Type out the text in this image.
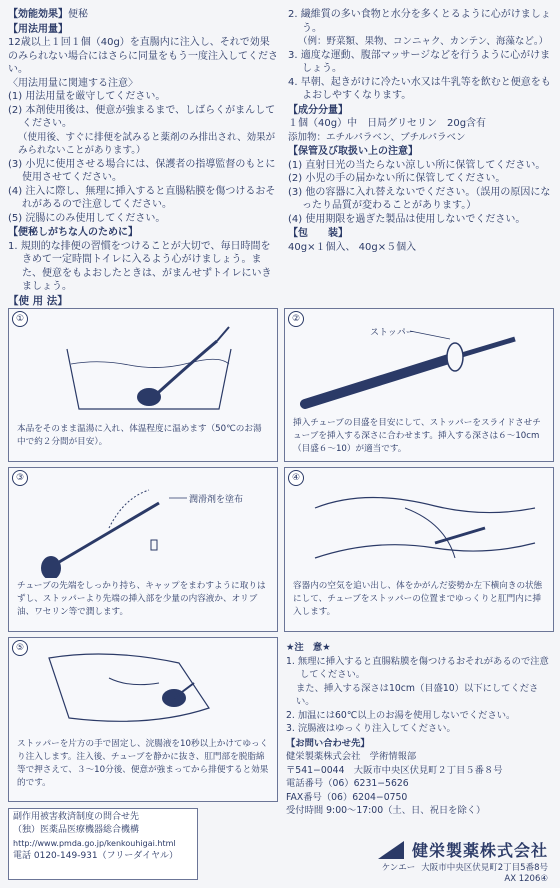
【効能効果】便秘
【用法用量】

12歳以上１回１個（40g）を直腸内に注入し、それで効果のみられない場合にはさらに同量をもう一度注入してください。

〈用法用量に関連する注意〉
(1) 用法用量を厳守してください。
(2) 本剤使用後は、便意が強まるまで、しばらくがまんしてください。
（使用後、すぐに排便を試みると薬剤のみ排出され、効果がみられないことがあります。）
(3) 小児に使用させる場合には、保護者の指導監督のもとに使用させてください。
(4) 注入に際し、無理に挿入すると直腸粘膜を傷つけるおそれがあるので注意してください。
(5) 浣腸にのみ使用してください。
【便秘しがちな人のために】
1. 規則的な排便の習慣をつけることが大切で、毎日時間をきめて一定時間トイレに入るよう心がけましょう。また、便意をもよおしたときは、がまんせずトイレにいきましょう。
2. 繊維質の多い食物と水分を多くとるように心がけましょう。
（例：野菜類、果物、コンニャク、カンテン、海藻など。）
3. 適度な運動、腹部マッサージなどを行うように心がけましょう。
4. 早朝、起きがけに冷たい水又は牛乳等を飲むと便意をもよおしやすくなります。
【成分分量】
１個（40g）中　日局グリセリン　20g含有
添加物：エチルパラベン、ブチルパラベン
【保管及び取扱い上の注意】
(1) 直射日光の当たらない涼しい所に保管してください。
(2) 小児の手の届かない所に保管してください。
(3) 他の容器に入れ替えないでください。（誤用の原因になったり品質が変わることがあります。）
(4) 使用期限を過ぎた製品は使用しないでください。
【包　　装】
40g×１個入、 40g×５個入
【使 用 法】
①
本品をそのまま温湯に入れ、体温程度に温めます（50℃のお湯中で約２分間が目安）。
②
ストッパー
挿入チューブの目盛を目安にして、ストッパーをスライドさせチューブを挿入する深さに合わせます。挿入する深さは６〜10cm（目盛６〜10）が適当です。
③
潤滑剤を塗布
チューブの先端をしっかり持ち、キャップをまわすように取りはずし、ストッパーより先端の挿入部を少量の内容液か、オリブ油、ワセリン等で潤します。
④
容器内の空気を追い出し、体をかがんだ姿勢か左下横向きの状態にして、チューブをストッパーの位置までゆっくりと肛門内に挿入します。
⑤
ストッパーを片方の手で固定し、浣腸液を10秒以上かけてゆっくり注入します。注入後、チューブを静かに抜き、肛門部を脱脂綿等で押さえて、３〜10分後、便意が強まってから排便すると効果的です。
★注　意★
1. 無理に挿入すると直腸粘膜を傷つけるおそれがあるので注意してください。
また、挿入する深さは10cm（目盛10）以下にしてください。
2. 加温には60℃以上のお湯を使用しないでください。
3. 浣腸液はゆっくり注入してください。
【お問い合わせ先】
健栄製薬株式会社　学術情報部
〒541−0044　大阪市中央区伏見町２丁目５番８号
電話番号（06）6231−5626
FAX番号（06）6204−0750
受付時間 9:00〜17:00（土、日、祝日を除く）
副作用被害救済制度の問合せ先
（独）医薬品医療機器総合機構
http://www.pmda.go.jp/kenkouhigai.html
電話 0120-149-931（フリーダイヤル）	健栄製薬株式会社
ケンエー 大阪市中央区伏見町2丁目5番8号
AX 1206④
